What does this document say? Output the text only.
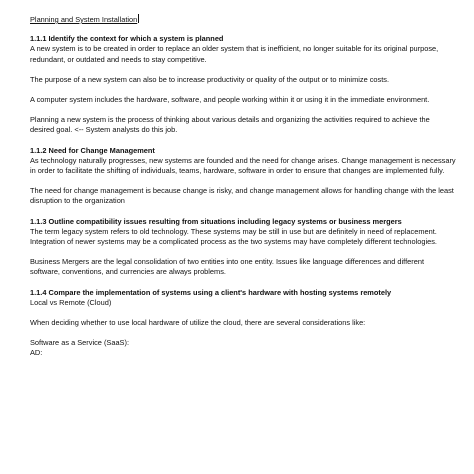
Planning and System Installation
1.1.1 Identify the context for which a system is planned

A new system is to be created in order to replace an older system that is inefficient, no longer suitable for its original purpose, redundant, or outdated and needs to stay competitive.

The purpose of a new system can also be to increase productivity or quality of the output or to minimize costs.

A computer system includes the hardware, software, and people working within it or using it in the immediate environment.

Planning a new system is the process of thinking about various details and organizing the activities required to achieve the desired goal. <-- System analysts do this job.

1.1.2 Need for Change Management

As technology naturally progresses, new systems are founded and the need for change arises. Change management is necessary in order to facilitate the shifting of individuals, teams, hardware, software in order to ensure that changes are implemented fully.

The need for change management is because change is risky, and change management allows for handling change with the least disruption to the organization

1.1.3 Outline compatibility issues resulting from situations including legacy systems or business mergers

The term legacy system refers to old technology. These systems may be still in use but are definitely in need of replacement. Integration of newer systems may be a complicated process as the two systems may have completely different technologies.

Business Mergers are the legal consolidation of two entities into one entity. Issues like language differences and different software, conventions, and currencies are always problems.

1.1.4 Compare the implementation of systems using a client's hardware with hosting systems remotely

Local vs Remote (Cloud)

When deciding whether to use local hardware of utilize the cloud, there are several considerations like:

Software as a Service (SaaS):

AD:
